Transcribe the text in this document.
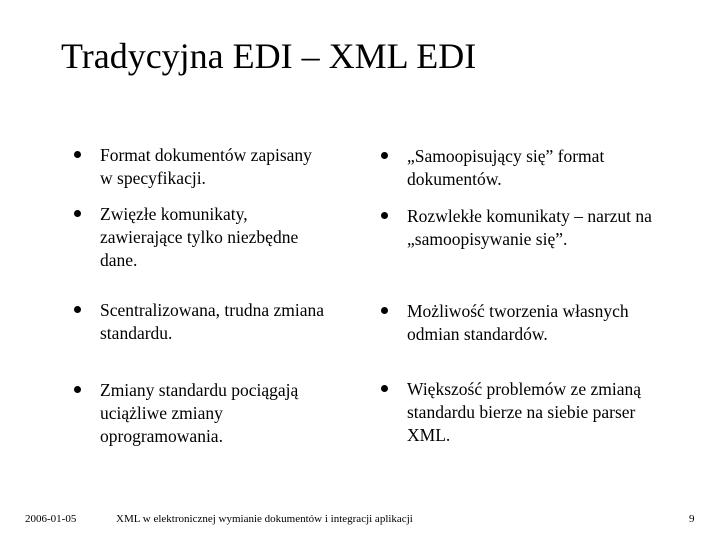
Tradycyjna EDI – XML EDI
Format dokumentów zapisany w specyfikacji.
Zwięzłe komunikaty, zawierające tylko niezbędne dane.
Scentralizowana, trudna zmiana standardu.
Zmiany standardu pociągają uciążliwe zmiany oprogramowania.
„Samoopisujący się” format dokumentów.
Rozwlekłe komunikaty – narzut na „samoopisywanie się”.
Możliwość tworzenia własnych odmian standardów.
Większość problemów ze zmianą standardu bierze na siebie parser XML.
2006-01-05	XML w elektronicznej wymianie dokumentów i integracji aplikacji	9
